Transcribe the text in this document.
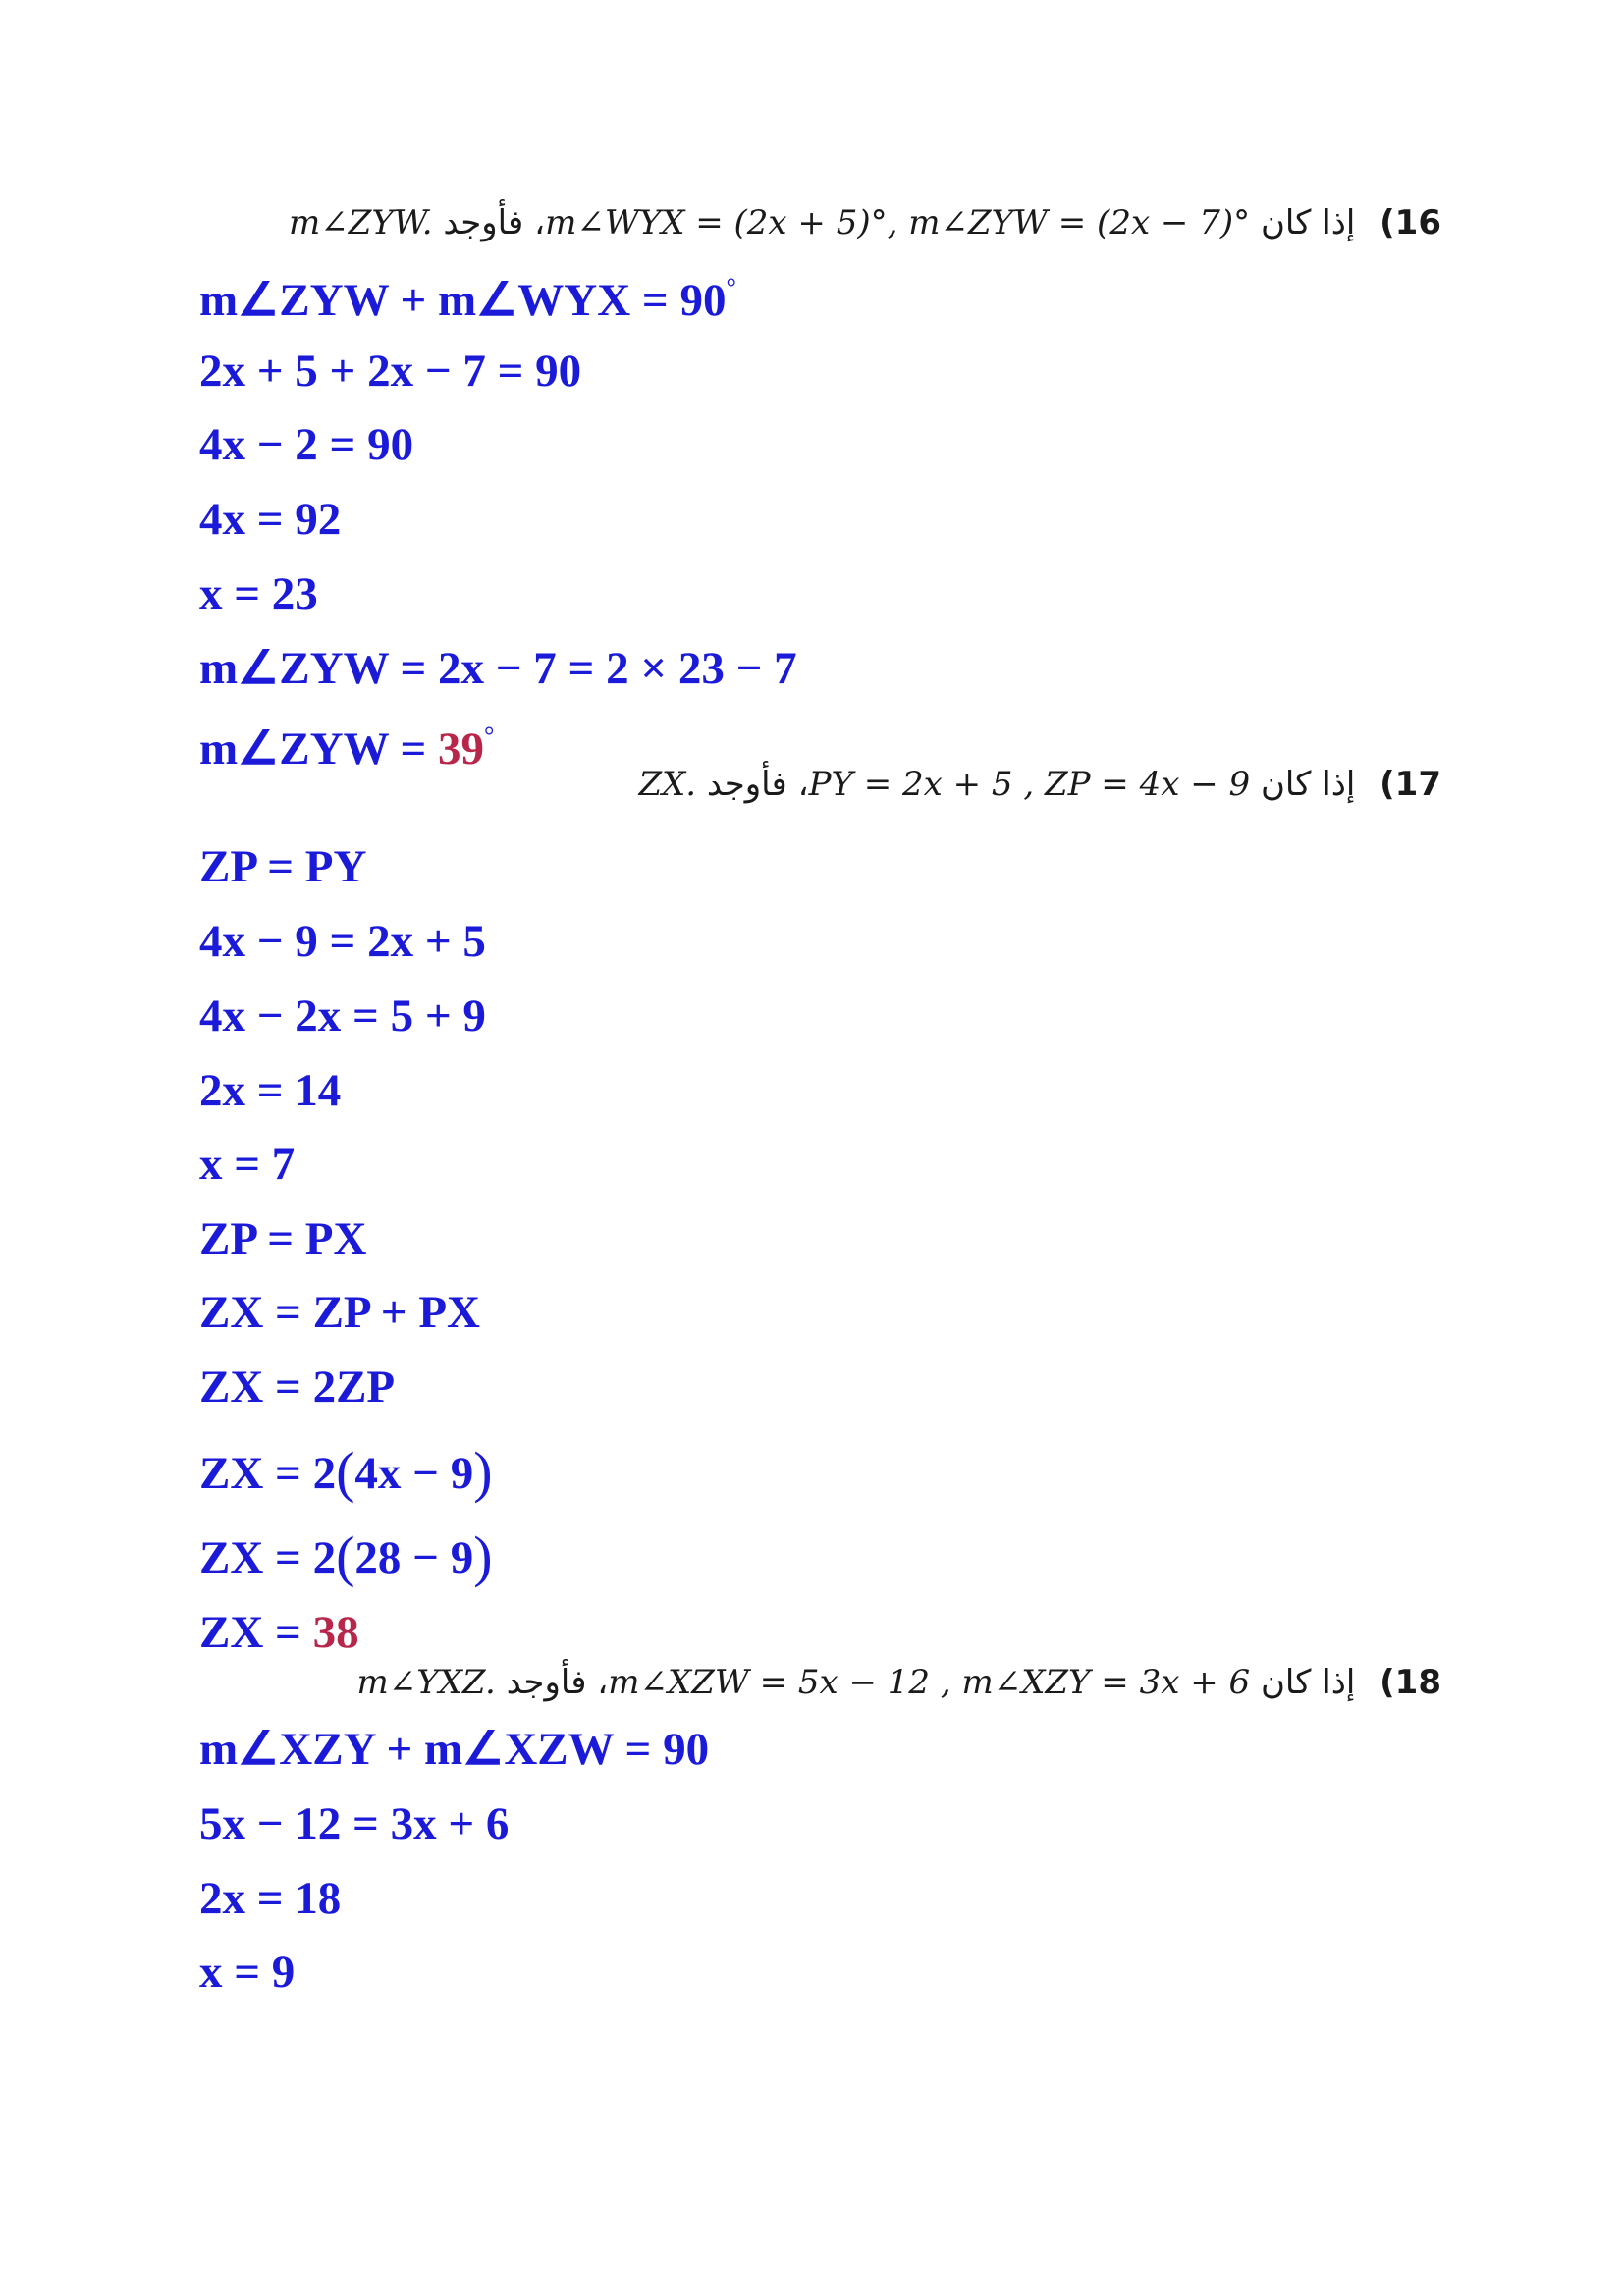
16) إذا كان m∠WYX = (2x + 5)°, m∠ZYW = (2x − 7)°، فأوجد m∠ZYW.
m∠ZYW + m∠WYX = 90°
2x + 5 + 2x − 7 = 90
4x − 2 = 90
4x = 92
x = 23
m∠ZYW = 2x − 7 = 2 × 23 − 7
m∠ZYW = 39°
17) إذا كان PY = 2x + 5 , ZP = 4x − 9، فأوجد ZX.
ZP = PY
4x − 9 = 2x + 5
4x − 2x = 5 + 9
2x = 14
x = 7
ZP = PX
ZX = ZP + PX
ZX = 2ZP
ZX = 2(4x − 9)
ZX = 2(28 − 9)
ZX = 38
18) إذا كان m∠XZW = 5x − 12 , m∠XZY = 3x + 6، فأوجد m∠YXZ.
m∠XZY + m∠XZW = 90
5x − 12 = 3x + 6
2x = 18
x = 9
